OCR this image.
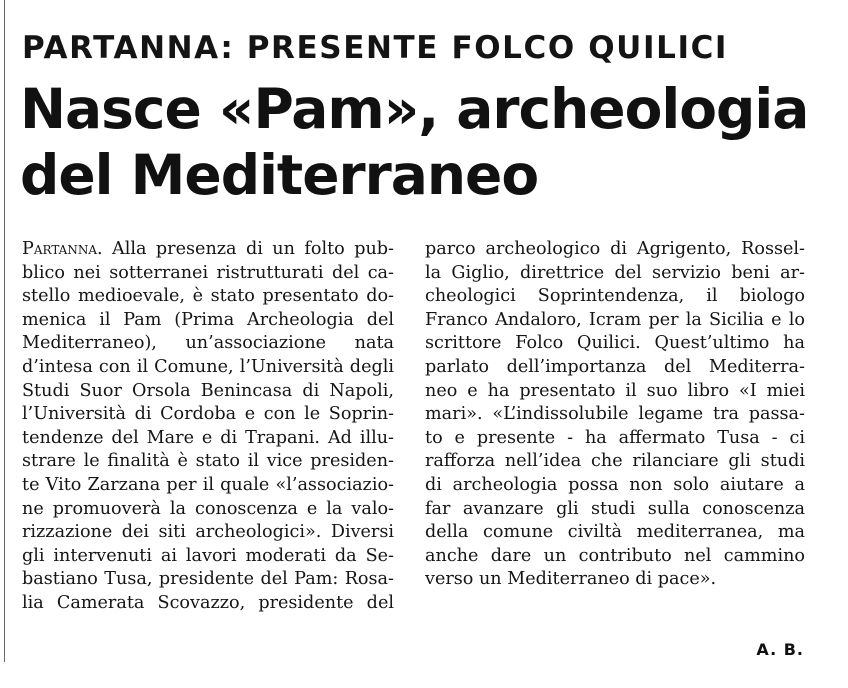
PARTANNA: PRESENTE FOLCO QUILICI
Nasce «Pam», archeologia
del Mediterraneo
Partanna. Alla presenza di un folto pub-
blico nei sotterranei ristrutturati del ca-
stello medioevale, è stato presentato do-
menica il Pam (Prima Archeologia del
Mediterraneo), un’associazione nata
d’intesa con il Comune, l’Università degli
Studi Suor Orsola Benincasa di Napoli,
l’Università di Cordoba e con le Soprin-
tendenze del Mare e di Trapani. Ad illu-
strare le finalità è stato il vice presiden-
te Vito Zarzana per il quale «l’associazio-
ne promuoverà la conoscenza e la valo-
rizzazione dei siti archeologici». Diversi
gli intervenuti ai lavori moderati da Se-
bastiano Tusa, presidente del Pam: Rosa-
lia Camerata Scovazzo, presidente del
parco archeologico di Agrigento, Rossel-
la Giglio, direttrice del servizio beni ar-
cheologici Soprintendenza, il biologo
Franco Andaloro, Icram per la Sicilia e lo
scrittore Folco Quilici. Quest’ultimo ha
parlato dell’importanza del Mediterra-
neo e ha presentato il suo libro «I miei
mari». «L’indissolubile legame tra passa-
to e presente - ha affermato Tusa - ci
rafforza nell’idea che rilanciare gli studi
di archeologia possa non solo aiutare a
far avanzare gli studi sulla conoscenza
della comune civiltà mediterranea, ma
anche dare un contributo nel cammino
verso un Mediterraneo di pace».
A. B.
